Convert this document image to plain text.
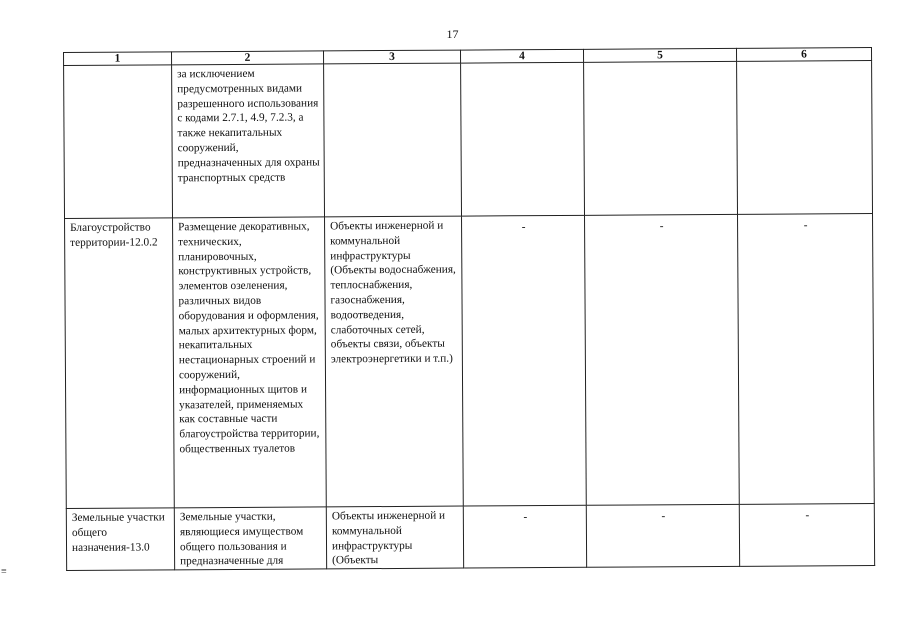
17
1	2	3	4	5	6
	за исключением предусмотренных видами разрешенного использования с кодами 2.7.1, 4.9, 7.2.3, а также некапитальных сооружений, предназначенных для охраны транспортных средств				
Благоустройство территории-12.0.2	Размещение декоративных, технических, планировочных, конструктивных устройств, элементов озеленения, различных видов оборудования и оформления, малых архитектурных форм, некапитальных нестационарных строений и сооружений, информационных щитов и указателей, применяемых как составные части благоустройства территории, общественных туалетов	Объекты инженерной и коммунальной инфраструктуры (Объекты водоснабжения, теплоснабжения, газоснабжения, водоотведения, слаботочных сетей, объекты связи, объекты электроэнергетики и т.п.)	-	-	-
Земельные участки общего назначения-13.0	Земельные участки, являющиеся имуществом общего пользования и предназначенные для	Объекты инженерной и коммунальной инфраструктуры (Объекты	-	-	-
≡
